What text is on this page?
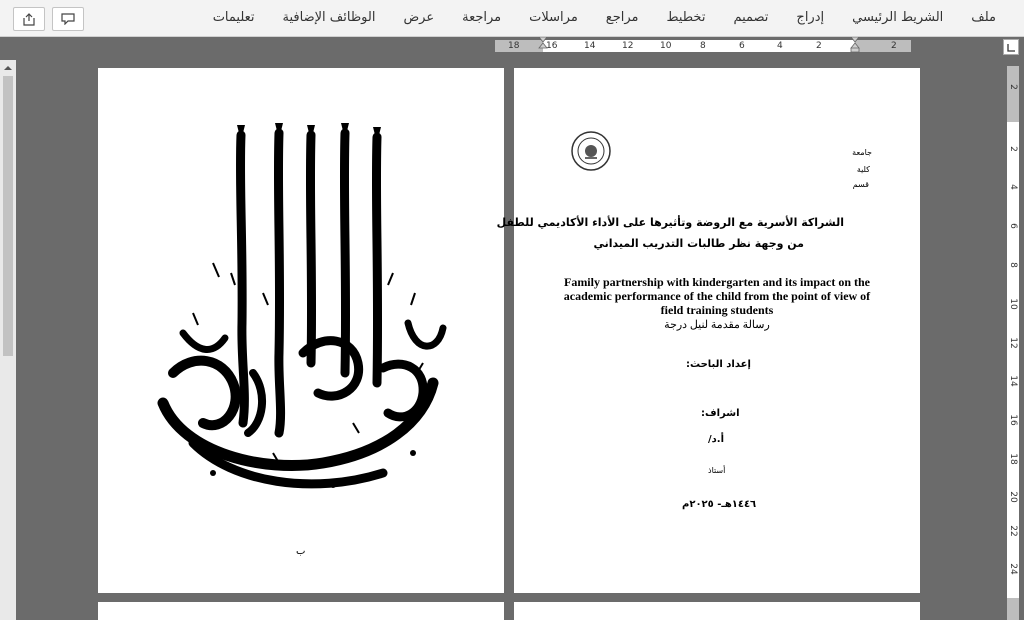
ملف
الشريط الرئيسي
إدراج
تصميم
تخطيط
مراجع
مراسلات
مراجعة
عرض
الوظائف الإضافية
تعليمات
18	16	14	12	10	8	6	4	2	2
2
2
4
6
8
10
12
14
16
18
20
22
24
ب
جامعة
كلية
قسم
الشراكة الأسرية مع الروضة وتأثيرها على الأداء الأكاديمي للطفل
من وجهة نظر طالبات التدريب الميداني
Family partnership with kindergarten and its impact on the
academic performance of the child from the point of view of
field training students
رسالة مقدمة لنيل درجة
إعداد الباحث:
اشراف:
أ.د/
أستاذ
١٤٤٦هـ- ٢٠٢٥م
